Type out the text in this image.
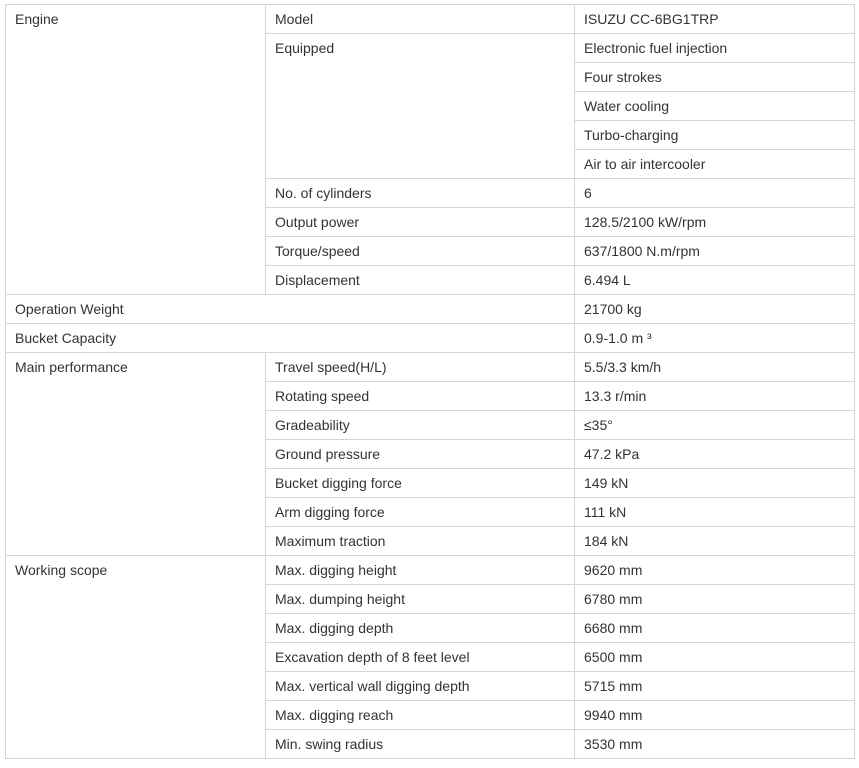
Engine	Model	ISUZU CC-6BG1TRP
	Equipped	Electronic fuel injection
		Four strokes
		Water cooling
		Turbo-charging
		Air to air intercooler
	No. of cylinders	6
	Output power	128.5/2100 kW/rpm
	Torque/speed	637/1800 N.m/rpm
	Displacement	6.494 L
Operation Weight		21700 kg
Bucket Capacity		0.9-1.0 m ³
Main performance	Travel speed(H/L)	5.5/3.3 km/h
	Rotating speed	13.3 r/min
	Gradeability	≤35°
	Ground pressure	47.2 kPa
	Bucket digging force	149 kN
	Arm digging force	111 kN
	Maximum traction	184 kN
Working scope	Max. digging height	9620 mm
	Max. dumping height	6780 mm
	Max. digging depth	6680 mm
	Excavation depth of 8 feet level	6500 mm
	Max. vertical wall digging depth	5715 mm
	Max. digging reach	9940 mm
	Min. swing radius	3530 mm
